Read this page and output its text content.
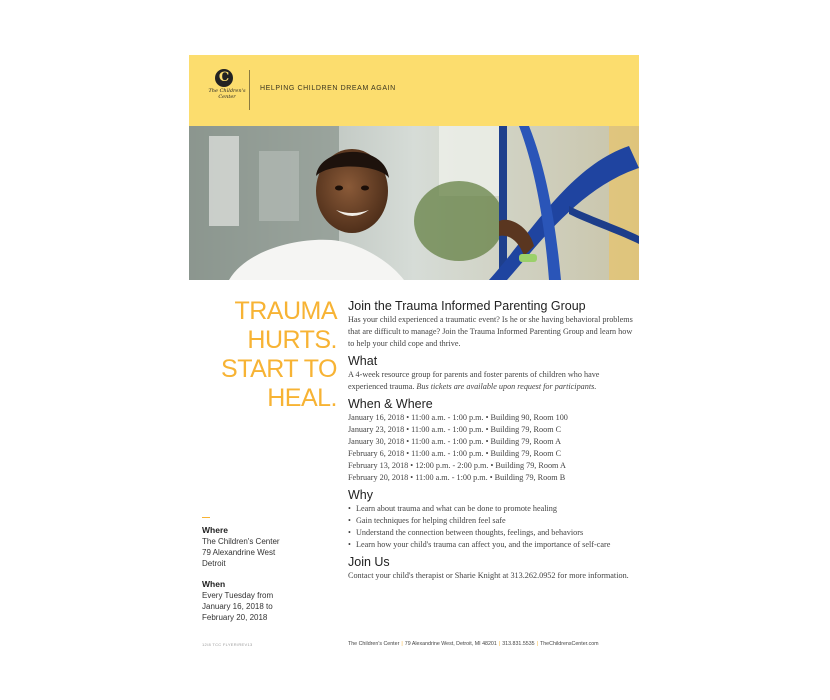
C
The Children's Center
HELPING CHILDREN DREAM AGAIN
TRAUMA
HURTS.
START TO
HEAL.
Where

The Children's Center

79 Alexandrine West

Detroit

When

Every Tuesday from

January 16, 2018 to

February 20, 2018

12/8 TCC FLYER/REV13
Join the Trauma Informed Parenting Group

Has your child experienced a traumatic event? Is he or she having behavioral problems that are difficult to manage? Join the Trauma Informed Parenting Group and learn how to help your child cope and thrive.

What

A 4-week resource group for parents and foster parents of children who have experienced trauma. Bus tickets are available upon request for participants.

When & Where
January 16, 2018 • 11:00 a.m. - 1:00 p.m. • Building 90, Room 100
January 23, 2018 • 11:00 a.m. - 1:00 p.m. • Building 79, Room C
January 30, 2018 • 11:00 a.m. - 1:00 p.m. • Building 79, Room A
February 6, 2018 • 11:00 a.m. - 1:00 p.m. • Building 79, Room C
February 13, 2018 • 12:00 p.m. - 2:00 p.m. • Building 79, Room A
February 20, 2018 • 11:00 a.m. - 1:00 p.m. • Building 79, Room B
Why
• Learn about trauma and what can be done to promote healing
• Gain techniques for helping children feel safe
• Understand the connection between thoughts, feelings, and behaviors
• Learn how your child's trauma can affect you, and the importance of self-care
Join Us

Contact your child's therapist or Sharie Knight at 313.262.0952 for more information.

The Children's Center | 79 Alexandrine West, Detroit, MI 48201 | 313.831.5535 | TheChildrensCenter.com
